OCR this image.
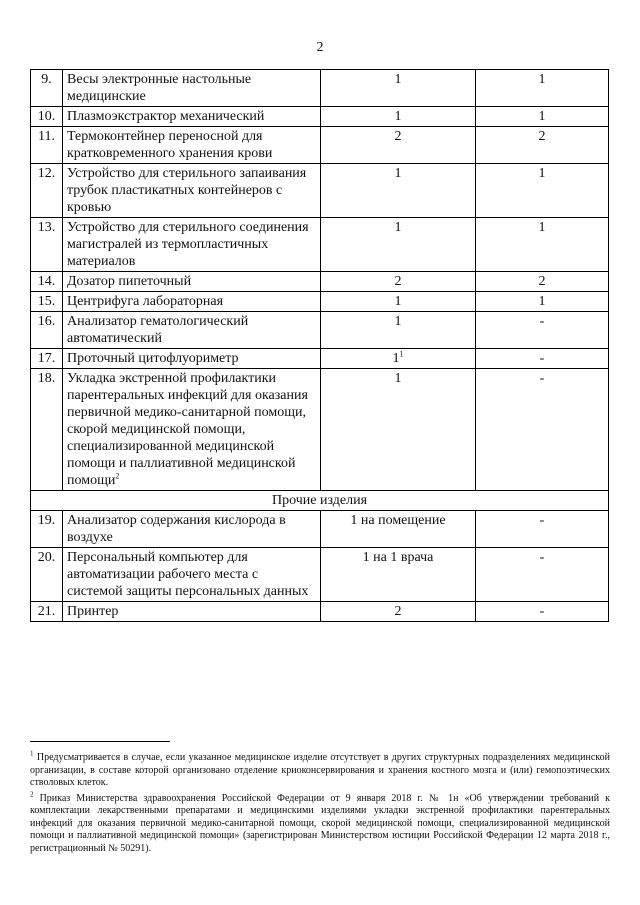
2
9.	Весы электронные настольные медицинские	1	1
10.	Плазмоэкстрактор механический	1	1
11.	Термоконтейнер переносной для кратковременного хранения крови	2	2
12.	Устройство для стерильного запаивания трубок пластикатных контейнеров с кровью	1	1
13.	Устройство для стерильного соединения магистралей из термопластичных материалов	1	1
14.	Дозатор пипеточный	2	2
15.	Центрифуга лабораторная	1	1
16.	Анализатор гематологический автоматический	1	-
17.	Проточный цитофлуориметр	$1^1$	-
18.	Укладка экстренной профилактики парентеральных инфекций для оказания первичной медико-санитарной помощи, скорой медицинской помощи, специализированной медицинской помощи и паллиативной медицинской помощи$^2$	1	-
Прочие изделия			
19.	Анализатор содержания кислорода в воздухе	1 на помещение	-
20.	Персональный компьютер для автоматизации рабочего места с системой защиты персональных данных	1 на 1 врача	-
21.	Принтер	2	-

$^1$ Предусматривается в случае, если указанное медицинское изделие отсутствует в других структурных подразделениях медицинской организации, в составе которой организовано отделение криоконсервирования и хранения костного мозга и (или) гемопоэтических стволовых клеток.

$^2$ Приказ Министерства здравоохранения Российской Федерации от 9 января 2018 г. № 1н «Об утверждении требований к комплектации лекарственными препаратами и медицинскими изделиями укладки экстренной профилактики парентеральных инфекций для оказания первичной медико-санитарной помощи, скорой медицинской помощи, специализированной медицинской помощи и паллиативной медицинской помощи» (зарегистрирован Министерством юстиции Российской Федерации 12 марта 2018 г., регистрационный № 50291).
